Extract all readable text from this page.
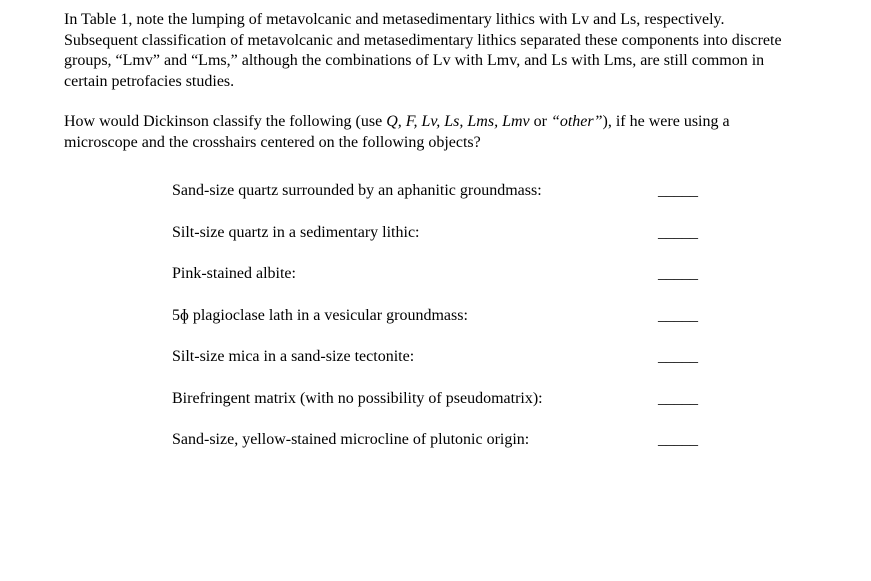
In Table 1, note the lumping of metavolcanic and metasedimentary lithics with Lv and Ls, respectively. Subsequent classification of metavolcanic and metasedimentary lithics separated these components into discrete groups, “Lmv” and “Lms,” although the combinations of Lv with Lmv, and Ls with Lms, are still common in certain petrofacies studies.

How would Dickinson classify the following (use Q, F, Lv, Ls, Lms, Lmv or “other”), if he were using a microscope and the crosshairs centered on the following objects?

Sand-size quartz surrounded by an aphanitic groundmass:	_____
Silt-size quartz in a sedimentary lithic:	_____
Pink-stained albite:	_____
5ɸ plagioclase lath in a vesicular groundmass:	_____
Silt-size mica in a sand-size tectonite:	_____
Birefringent matrix (with no possibility of pseudomatrix):	_____
Sand-size, yellow-stained microcline of plutonic origin:	_____
